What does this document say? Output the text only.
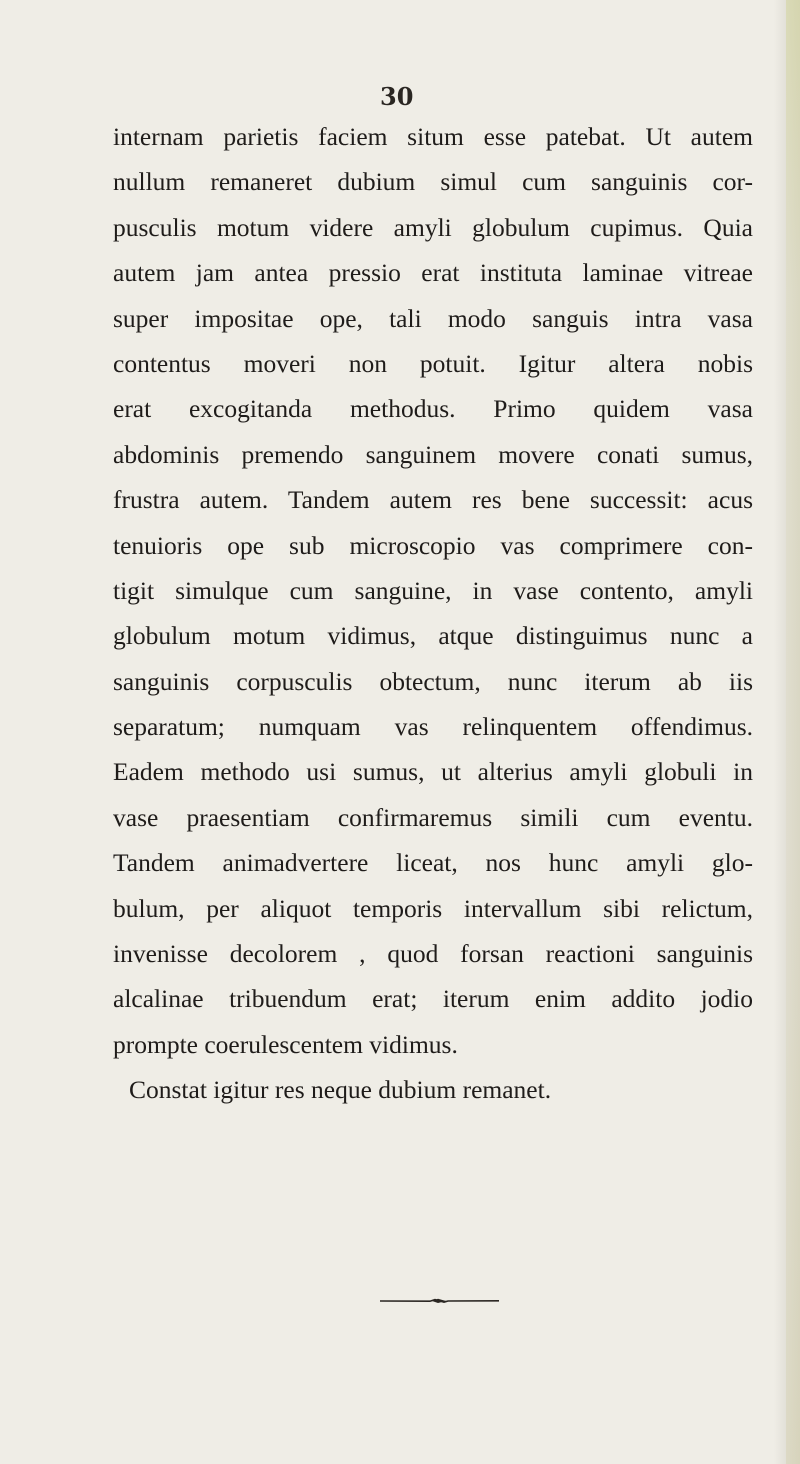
30
internam parietis faciem situm esse patebat. Ut autem
nullum remaneret dubium simul cum sanguinis cor-
pusculis motum videre amyli globulum cupimus. Quia
autem jam antea pressio erat instituta laminae vitreae
super impositae ope, tali modo sanguis intra vasa
contentus moveri non potuit. Igitur altera nobis
erat excogitanda methodus. Primo quidem vasa
abdominis premendo sanguinem movere conati sumus,
frustra autem. Tandem autem res bene successit: acus
tenuioris ope sub microscopio vas comprimere con-
tigit simulque cum sanguine, in vase contento, amyli
globulum motum vidimus, atque distinguimus nunc a
sanguinis corpusculis obtectum, nunc iterum ab iis
separatum; numquam vas relinquentem offendimus.
Eadem methodo usi sumus, ut alterius amyli globuli in
vase praesentiam confirmaremus simili cum eventu.
Tandem animadvertere liceat, nos hunc amyli glo-
bulum, per aliquot temporis intervallum sibi relictum,
invenisse decolorem , quod forsan reactioni sanguinis
alcalinae tribuendum erat; iterum enim addito jodio
prompte coerulescentem vidimus.
Constat igitur res neque dubium remanet.
